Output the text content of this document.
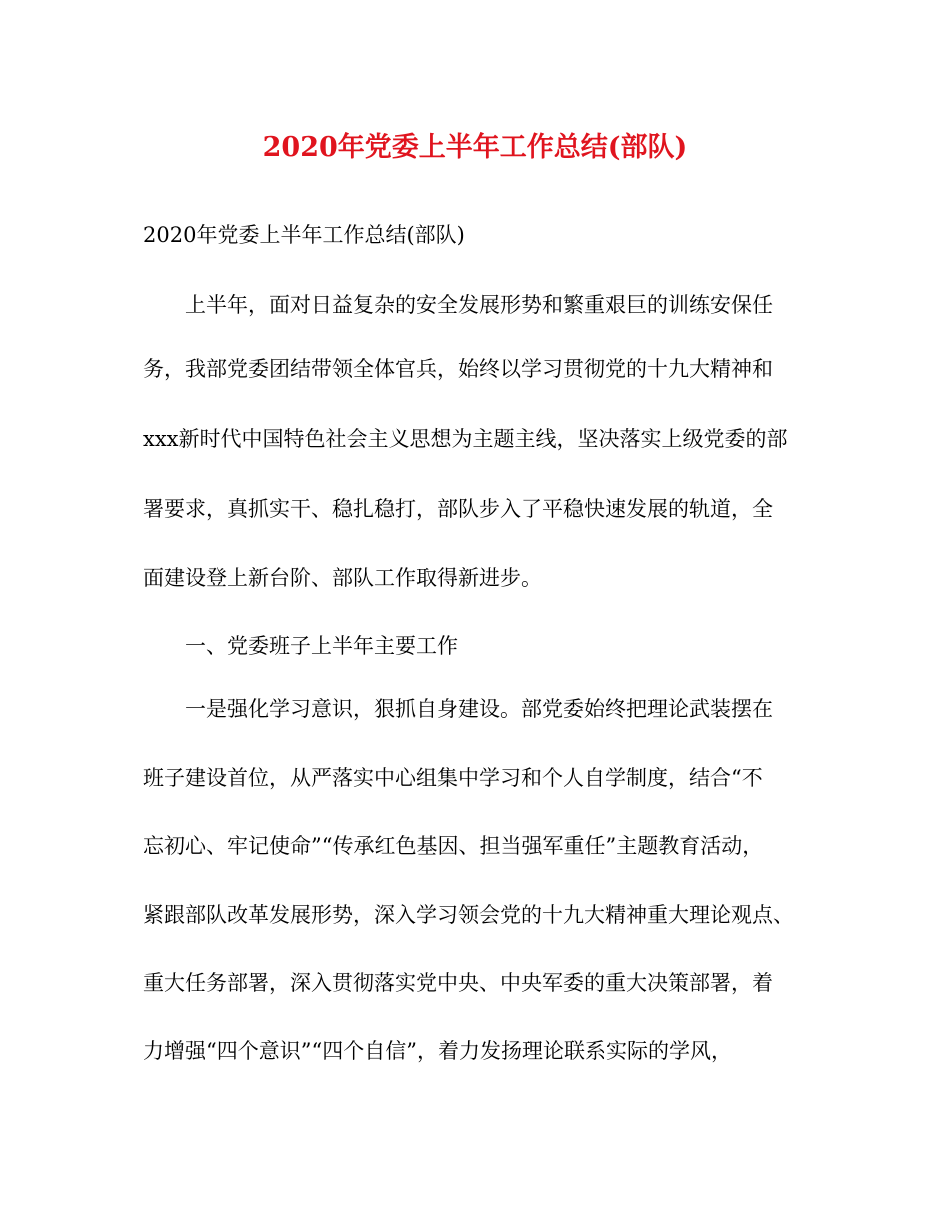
2020年党委上半年工作总结(部队)
2020年党委上半年工作总结(部队)
上半年，面对日益复杂的安全发展形势和繁重艰巨的训练安保任
务，我部党委团结带领全体官兵，始终以学习贯彻党的十九大精神和
xxx新时代中国特色社会主义思想为主题主线，坚决落实上级党委的部
署要求，真抓实干、稳扎稳打，部队步入了平稳快速发展的轨道，全
面建设登上新台阶、部队工作取得新进步。
一、党委班子上半年主要工作
一是强化学习意识，狠抓自身建设。部党委始终把理论武装摆在
班子建设首位，从严落实中心组集中学习和个人自学制度，结合“不
忘初心、牢记使命”“传承红色基因、担当强军重任”主题教育活动，
紧跟部队改革发展形势，深入学习领会党的十九大精神重大理论观点、
重大任务部署，深入贯彻落实党中央、中央军委的重大决策部署，着
力增强“四个意识”“四个自信”，着力发扬理论联系实际的学风，
